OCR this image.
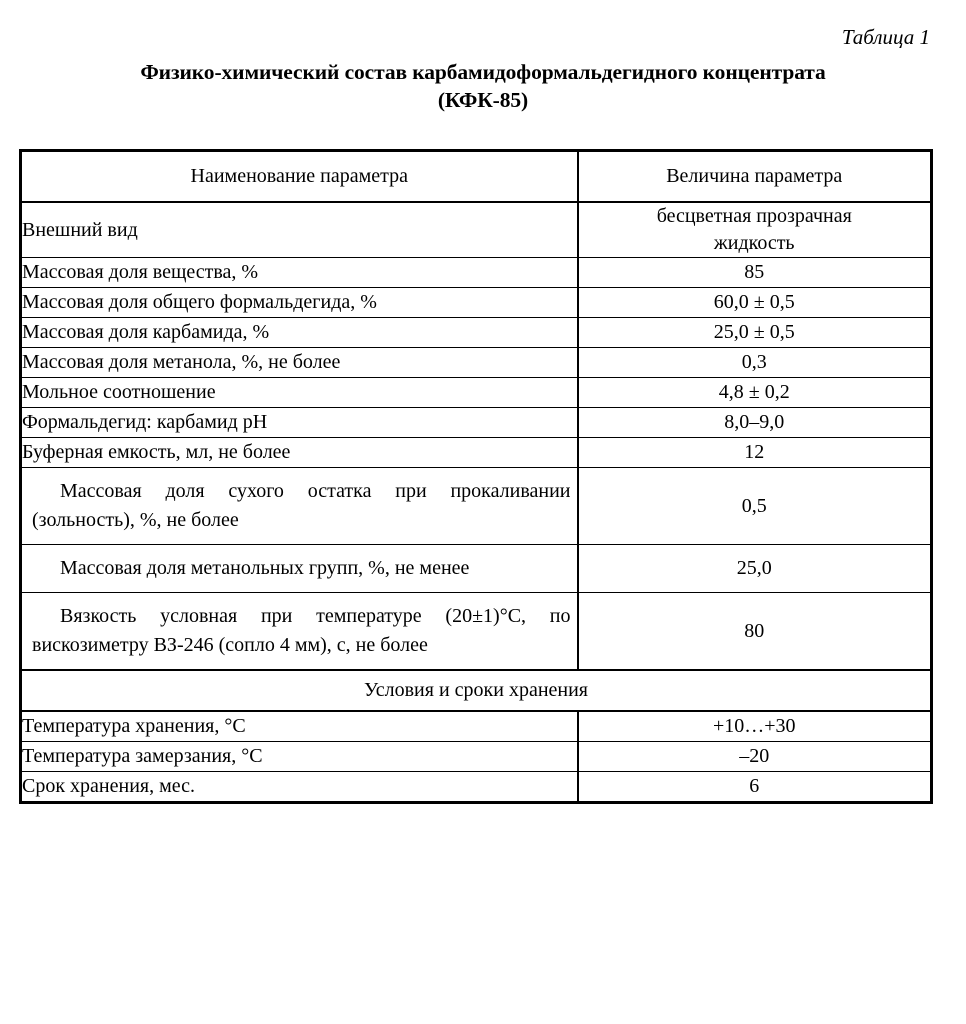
Таблица 1
Физико-химический состав карбамидоформальдегидного концентрата
(КФК-85)
Наименование параметра	Величина параметра
Внешний вид	бесцветная прозрачная
жидкость

Массовая доля вещества, %	85
Массовая доля общего формальдегида, %	60,0 ± 0,5
Массовая доля карбамида, %	25,0 ± 0,5
Массовая доля метанола, %, не более	0,3
Мольное соотношение	4,8 ± 0,2
Формальдегид: карбамид pH	8,0–9,0
Буферная емкость, мл, не более	12
Массовая доля сухого остатка при прокаливании (зольность), %, не более	0,5
Массовая доля метанольных групп, %, не менее	25,0
Вязкость условная при температуре (20±1)°С, по вискозиметру ВЗ-246 (сопло 4 мм), с, не более	80
Условия и сроки хранения	
Температура хранения, °С	+10…+30
Температура замерзания, °С	–20
Срок хранения, мес.	6
